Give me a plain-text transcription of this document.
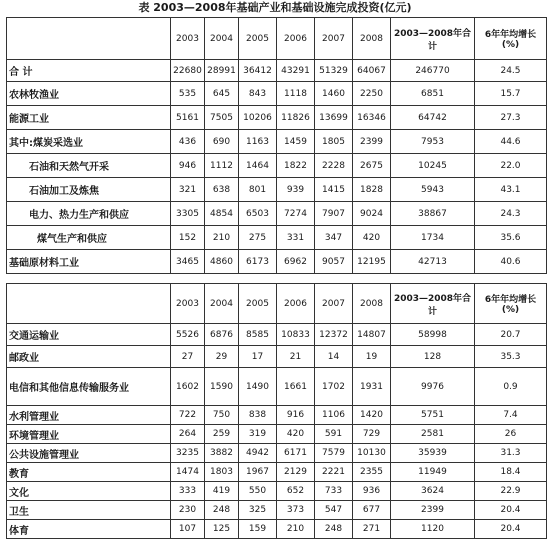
表 2003—2008年基础产业和基础设施完成投资(亿元)
	2003	2004	2005	2006	2007	2008	2003—2008年合计	6年年均增长(%)
合 计	22680	28991	36412	43291	51329	64067	246770	24.5
农林牧渔业	535	645	843	1118	1460	2250	6851	15.7
能源工业	5161	7505	10206	11826	13699	16346	64742	27.3
其中:煤炭采选业	436	690	1163	1459	1805	2399	7953	44.6
石油和天然气开采	946	1112	1464	1822	2228	2675	10245	22.0
石油加工及炼焦	321	638	801	939	1415	1828	5943	43.1
电力、热力生产和供应	3305	4854	6503	7274	7907	9024	38867	24.3
煤气生产和供应	152	210	275	331	347	420	1734	35.6
基础原材料工业	3465	4860	6173	6962	9057	12195	42713	40.6
	2003	2004	2005	2006	2007	2008	2003—2008年合计	6年年均增长(%)
交通运输业	5526	6876	8585	10833	12372	14807	58998	20.7
邮政业	27	29	17	21	14	19	128	35.3
电信和其他信息传输服务业	1602	1590	1490	1661	1702	1931	9976	0.9
水利管理业	722	750	838	916	1106	1420	5751	7.4
环境管理业	264	259	319	420	591	729	2581	26
公共设施管理业	3235	3882	4942	6171	7579	10130	35939	31.3
教育	1474	1803	1967	2129	2221	2355	11949	18.4
文化	333	419	550	652	733	936	3624	22.9
卫生	230	248	325	373	547	677	2399	20.4
体育	107	125	159	210	248	271	1120	20.4
